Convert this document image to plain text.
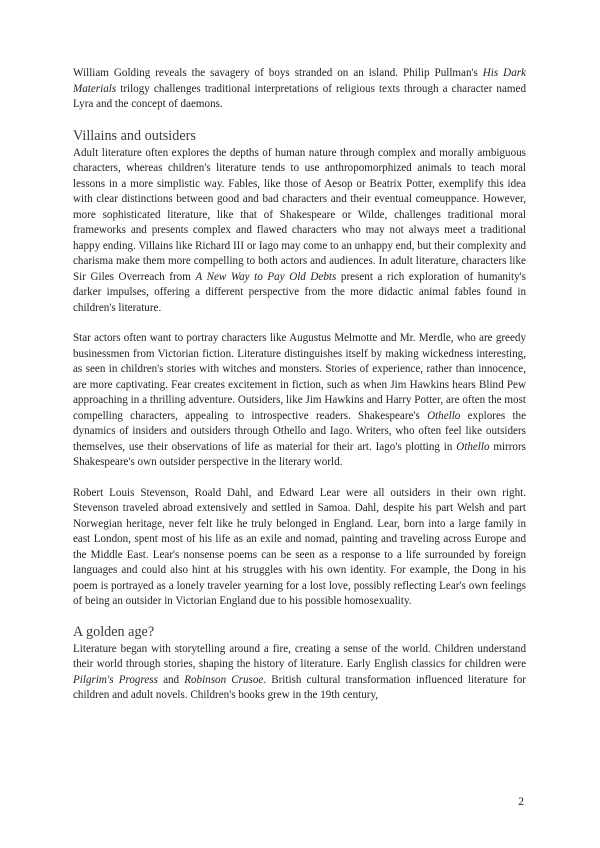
William Golding reveals the savagery of boys stranded on an island. Philip Pullman's His Dark Materials trilogy challenges traditional interpretations of religious texts through a character named Lyra and the concept of daemons.

Villains and outsiders

Adult literature often explores the depths of human nature through complex and morally ambiguous characters, whereas children's literature tends to use anthropomorphized animals to teach moral lessons in a more simplistic way. Fables, like those of Aesop or Beatrix Potter, exemplify this idea with clear distinctions between good and bad characters and their eventual comeuppance. However, more sophisticated literature, like that of Shakespeare or Wilde, challenges traditional moral frameworks and presents complex and flawed characters who may not always meet a traditional happy ending. Villains like Richard III or Iago may come to an unhappy end, but their complexity and charisma make them more compelling to both actors and audiences. In adult literature, characters like Sir Giles Overreach from A New Way to Pay Old Debts present a rich exploration of humanity's darker impulses, offering a different perspective from the more didactic animal fables found in children's literature.

Star actors often want to portray characters like Augustus Melmotte and Mr. Merdle, who are greedy businessmen from Victorian fiction. Literature distinguishes itself by making wickedness interesting, as seen in children's stories with witches and monsters. Stories of experience, rather than innocence, are more captivating. Fear creates excitement in fiction, such as when Jim Hawkins hears Blind Pew approaching in a thrilling adventure. Outsiders, like Jim Hawkins and Harry Potter, are often the most compelling characters, appealing to introspective readers. Shakespeare's Othello explores the dynamics of insiders and outsiders through Othello and Iago. Writers, who often feel like outsiders themselves, use their observations of life as material for their art. Iago's plotting in Othello mirrors Shakespeare's own outsider perspective in the literary world.

Robert Louis Stevenson, Roald Dahl, and Edward Lear were all outsiders in their own right. Stevenson traveled abroad extensively and settled in Samoa. Dahl, despite his part Welsh and part Norwegian heritage, never felt like he truly belonged in England. Lear, born into a large family in east London, spent most of his life as an exile and nomad, painting and traveling across Europe and the Middle East. Lear's nonsense poems can be seen as a response to a life surrounded by foreign languages and could also hint at his struggles with his own identity. For example, the Dong in his poem is portrayed as a lonely traveler yearning for a lost love, possibly reflecting Lear's own feelings of being an outsider in Victorian England due to his possible homosexuality.

A golden age?

Literature began with storytelling around a fire, creating a sense of the world. Children understand their world through stories, shaping the history of literature. Early English classics for children were Pilgrim's Progress and Robinson Crusoe. British cultural transformation influenced literature for children and adult novels. Children's books grew in the 19th century,

2
